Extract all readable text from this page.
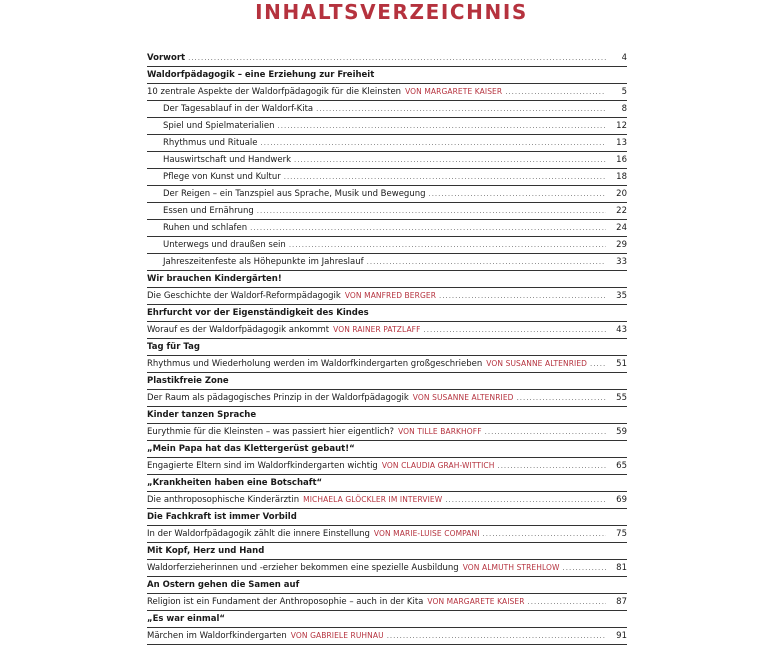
INHALTSVERZEICHNIS
Vorwort .....	4
Waldorfpädagogik – eine Erziehung zur Freiheit
10 zentrale Aspekte der Waldorfpädagogik für die Kleinsten VON MARGARETE KAISER .....	5
Der Tagesablauf in der Waldorf-Kita .....	8
Spiel und Spielmaterialien .....	12
Rhythmus und Rituale .....	13
Hauswirtschaft und Handwerk .....	16
Pflege von Kunst und Kultur .....	18
Der Reigen – ein Tanzspiel aus Sprache, Musik und Bewegung .....	20
Essen und Ernährung .....	22
Ruhen und schlafen .....	24
Unterwegs und draußen sein .....	29
Jahreszeitenfeste als Höhepunkte im Jahreslauf .....	33
Wir brauchen Kindergärten!
Die Geschichte der Waldorf-Reformpädagogik VON MANFRED BERGER .....	35
Ehrfurcht vor der Eigenständigkeit des Kindes
Worauf es der Waldorfpädagogik ankommt VON RAINER PATZLAFF .....	43
Tag für Tag
Rhythmus und Wiederholung werden im Waldorfkindergarten großgeschrieben VON SUSANNE ALTENRIED .....	51
Plastikfreie Zone
Der Raum als pädagogisches Prinzip in der Waldorfpädagogik VON SUSANNE ALTENRIED .....	55
Kinder tanzen Sprache
Eurythmie für die Kleinsten – was passiert hier eigentlich? VON TILLE BARKHOFF .....	59
„Mein Papa hat das Klettergerüst gebaut!“
Engagierte Eltern sind im Waldorfkindergarten wichtig VON CLAUDIA GRAH-WITTICH .....	65
„Krankheiten haben eine Botschaft“
Die anthroposophische Kinderärztin MICHAELA GLÖCKLER IM INTERVIEW .....	69
Die Fachkraft ist immer Vorbild
In der Waldorfpädagogik zählt die innere Einstellung VON MARIE-LUISE COMPANI .....	75
Mit Kopf, Herz und Hand
Waldorferzieherinnen und -erzieher bekommen eine spezielle Ausbildung VON ALMUTH STREHLOW .....	81
An Ostern gehen die Samen auf
Religion ist ein Fundament der Anthroposophie – auch in der Kita VON MARGARETE KAISER .....	87
„Es war einmal“
Märchen im Waldorfkindergarten VON GABRIELE RUHNAU .....	91
